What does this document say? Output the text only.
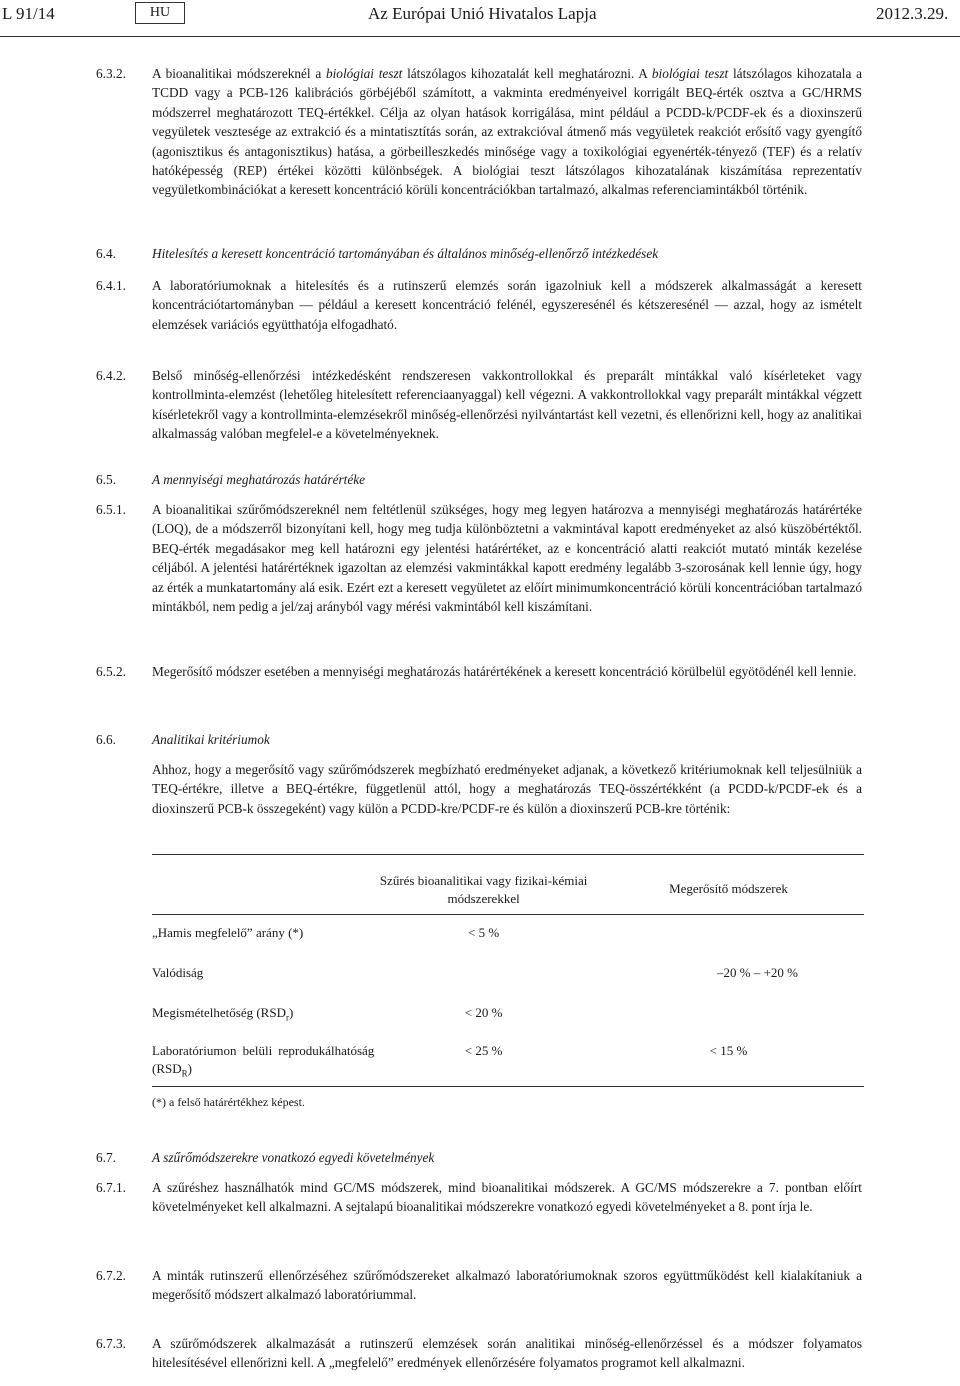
L 91/14	HU	Az Európai Unió Hivatalos Lapja	2012.3.29.
6.3.2. A bioanalitikai módszereknél a biológiai teszt látszólagos kihozatalát kell meghatározni. A biológiai teszt látszólagos kihozatala a TCDD vagy a PCB-126 kalibrációs görbéjéből számított, a vakminta eredményeivel korrigált BEQ-érték osztva a GC/HRMS módszerrel meghatározott TEQ-értékkel. Célja az olyan hatások korrigálása, mint például a PCDD-k/PCDF-ek és a dioxinszerű vegyületek vesztesége az extrakció és a mintatisztítás során, az extrakcióval átmenő más vegyületek reakciót erősítő vagy gyengítő (agonisztikus és antagonisztikus) hatása, a görbeilleszkedés minősége vagy a toxikológiai egyenérték-tényező (TEF) és a relatív hatóképesség (REP) értékei közötti különbségek. A biológiai teszt látszólagos kihozatalának kiszámítása reprezentatív vegyületkombinációkat a keresett koncentráció körüli koncentrációkban tartalmazó, alkalmas referenciamintákból történik.
6.4.	Hitelesítés a keresett koncentráció tartományában és általános minőség-ellenőrző intézkedések
6.4.1. A laboratóriumoknak a hitelesítés és a rutinszerű elemzés során igazolniuk kell a módszerek alkalmasságát a keresett koncentrációtartományban — például a keresett koncentráció felénél, egyszeresénél és kétszeresénél — azzal, hogy az ismételt elemzések variációs együtthatója elfogadható.
6.4.2. Belső minőség-ellenőrzési intézkedésként rendszeresen vakkontrollokkal és preparált mintákkal való kísérleteket vagy kontrollminta-elemzést (lehetőleg hitelesített referenciaanyaggal) kell végezni. A vakkontrollokkal vagy preparált mintákkal végzett kísérletekről vagy a kontrollminta-elemzésekről minőség-ellenőrzési nyilvántartást kell vezetni, és ellenőrizni kell, hogy az analitikai alkalmasság valóban megfelel-e a követelményeknek.
6.5.	A mennyiségi meghatározás határértéke
6.5.1. A bioanalitikai szűrőmódszereknél nem feltétlenül szükséges, hogy meg legyen határozva a mennyiségi meghatározás határértéke (LOQ), de a módszerről bizonyítani kell, hogy meg tudja különböztetni a vakmintával kapott eredményeket az alsó küszöbértéktől. BEQ-érték megadásakor meg kell határozni egy jelentési határértéket, az e koncentráció alatti reakciót mutató minták kezelése céljából. A jelentési határértéknek igazoltan az elemzési vakmintákkal kapott eredmény legalább 3-szorosának kell lennie úgy, hogy az érték a munkatartomány alá esik. Ezért ezt a keresett vegyületet az előírt minimumkoncentráció körüli koncentrációban tartalmazó mintákból, nem pedig a jel/zaj arányból vagy mérési vakmintából kell kiszámítani.
6.5.2. Megerősítő módszer esetében a mennyiségi meghatározás határértékének a keresett koncentráció körülbelül egyötödénél kell lennie.
6.6.	Analitikai kritériumok
Ahhoz, hogy a megerősítő vagy szűrőmódszerek megbízható eredményeket adjanak, a következő kritériumoknak kell teljesülniük a TEQ-értékre, illetve a BEQ-értékre, függetlenül attól, hogy a meghatározás TEQ-összértékként (a PCDD-k/PCDF-ek és a dioxinszerű PCB-k összegeként) vagy külön a PCDD-kre/PCDF-re és külön a dioxinszerű PCB-kre történik:
	Szűrés bioanalitikai vagy fizikai-kémiai módszerekkel	Megerősítő módszerek
„Hamis megfelelő” arány (*)	< 5 %	
Valódiság		–20 % – +20 %
Megismételhetőség $(RSD_r)$	< 20 %	
Laboratóriumon belüli reprodukálhatóság $(RSD_R)$	< 25 %	< 15 %
(*) a felső határértékhez képest.
6.7.	A szűrőmódszerekre vonatkozó egyedi követelmények
6.7.1. A szűréshez használhatók mind GC/MS módszerek, mind bioanalitikai módszerek. A GC/MS módszerekre a 7. pontban előírt követelményeket kell alkalmazni. A sejtalapú bioanalitikai módszerekre vonatkozó egyedi követelményeket a 8. pont írja le.
6.7.2. A minták rutinszerű ellenőrzéséhez szűrőmódszereket alkalmazó laboratóriumoknak szoros együttműködést kell kialakítaniuk a megerősítő módszert alkalmazó laboratóriummal.
6.7.3. A szűrőmódszerek alkalmazását a rutinszerű elemzések során analitikai minőség-ellenőrzéssel és a módszer folyamatos hitelesítésével ellenőrizni kell. A „megfelelő” eredmények ellenőrzésére folyamatos programot kell alkalmazni.
